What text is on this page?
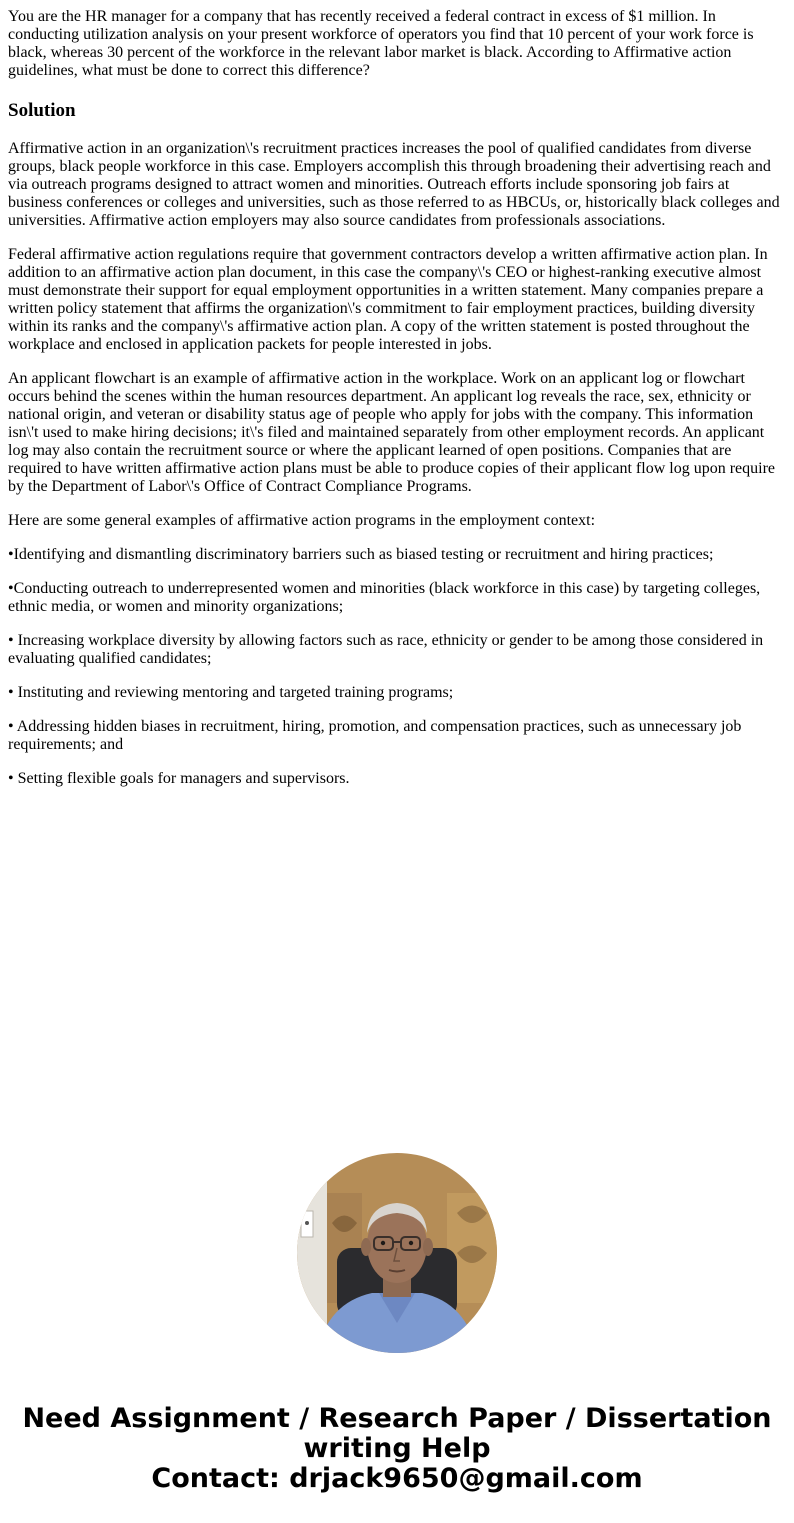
You are the HR manager for a company that has recently received a federal contract in excess of $1 million. In conducting utilization analysis on your present workforce of operators you find that 10 percent of your work force is black, whereas 30 percent of the workforce in the relevant labor market is black. According to Affirmative action guidelines, what must be done to correct this difference?

Solution

Affirmative action in an organization\'s recruitment practices increases the pool of qualified candidates from diverse groups, black people workforce in this case. Employers accomplish this through broadening their advertising reach and via outreach programs designed to attract women and minorities. Outreach efforts include sponsoring job fairs at business conferences or colleges and universities, such as those referred to as HBCUs, or, historically black colleges and universities. Affirmative action employers may also source candidates from professionals associations.

Federal affirmative action regulations require that government contractors develop a written affirmative action plan. In addition to an affirmative action plan document, in this case the company\'s CEO or highest-ranking executive almost must demonstrate their support for equal employment opportunities in a written statement. Many companies prepare a written policy statement that affirms the organization\'s commitment to fair employment practices, building diversity within its ranks and the company\'s affirmative action plan. A copy of the written statement is posted throughout the workplace and enclosed in application packets for people interested in jobs.

An applicant flowchart is an example of affirmative action in the workplace. Work on an applicant log or flowchart occurs behind the scenes within the human resources department. An applicant log reveals the race, sex, ethnicity or national origin, and veteran or disability status age of people who apply for jobs with the company. This information isn\'t used to make hiring decisions; it\'s filed and maintained separately from other employment records. An applicant log may also contain the recruitment source or where the applicant learned of open positions. Companies that are required to have written affirmative action plans must be able to produce copies of their applicant flow log upon require by the Department of Labor\'s Office of Contract Compliance Programs.

Here are some general examples of affirmative action programs in the employment context:

•Identifying and dismantling discriminatory barriers such as biased testing or recruitment and hiring practices;

•Conducting outreach to underrepresented women and minorities (black workforce in this case) by targeting colleges, ethnic media, or women and minority organizations;

• Increasing workplace diversity by allowing factors such as race, ethnicity or gender to be among those considered in evaluating qualified candidates;

• Instituting and reviewing mentoring and targeted training programs;

• Addressing hidden biases in recruitment, hiring, promotion, and compensation practices, such as unnecessary job requirements; and

• Setting flexible goals for managers and supervisors.

Need Assignment / Research Paper / Dissertation
writing Help
Contact: drjack9650@gmail.com
